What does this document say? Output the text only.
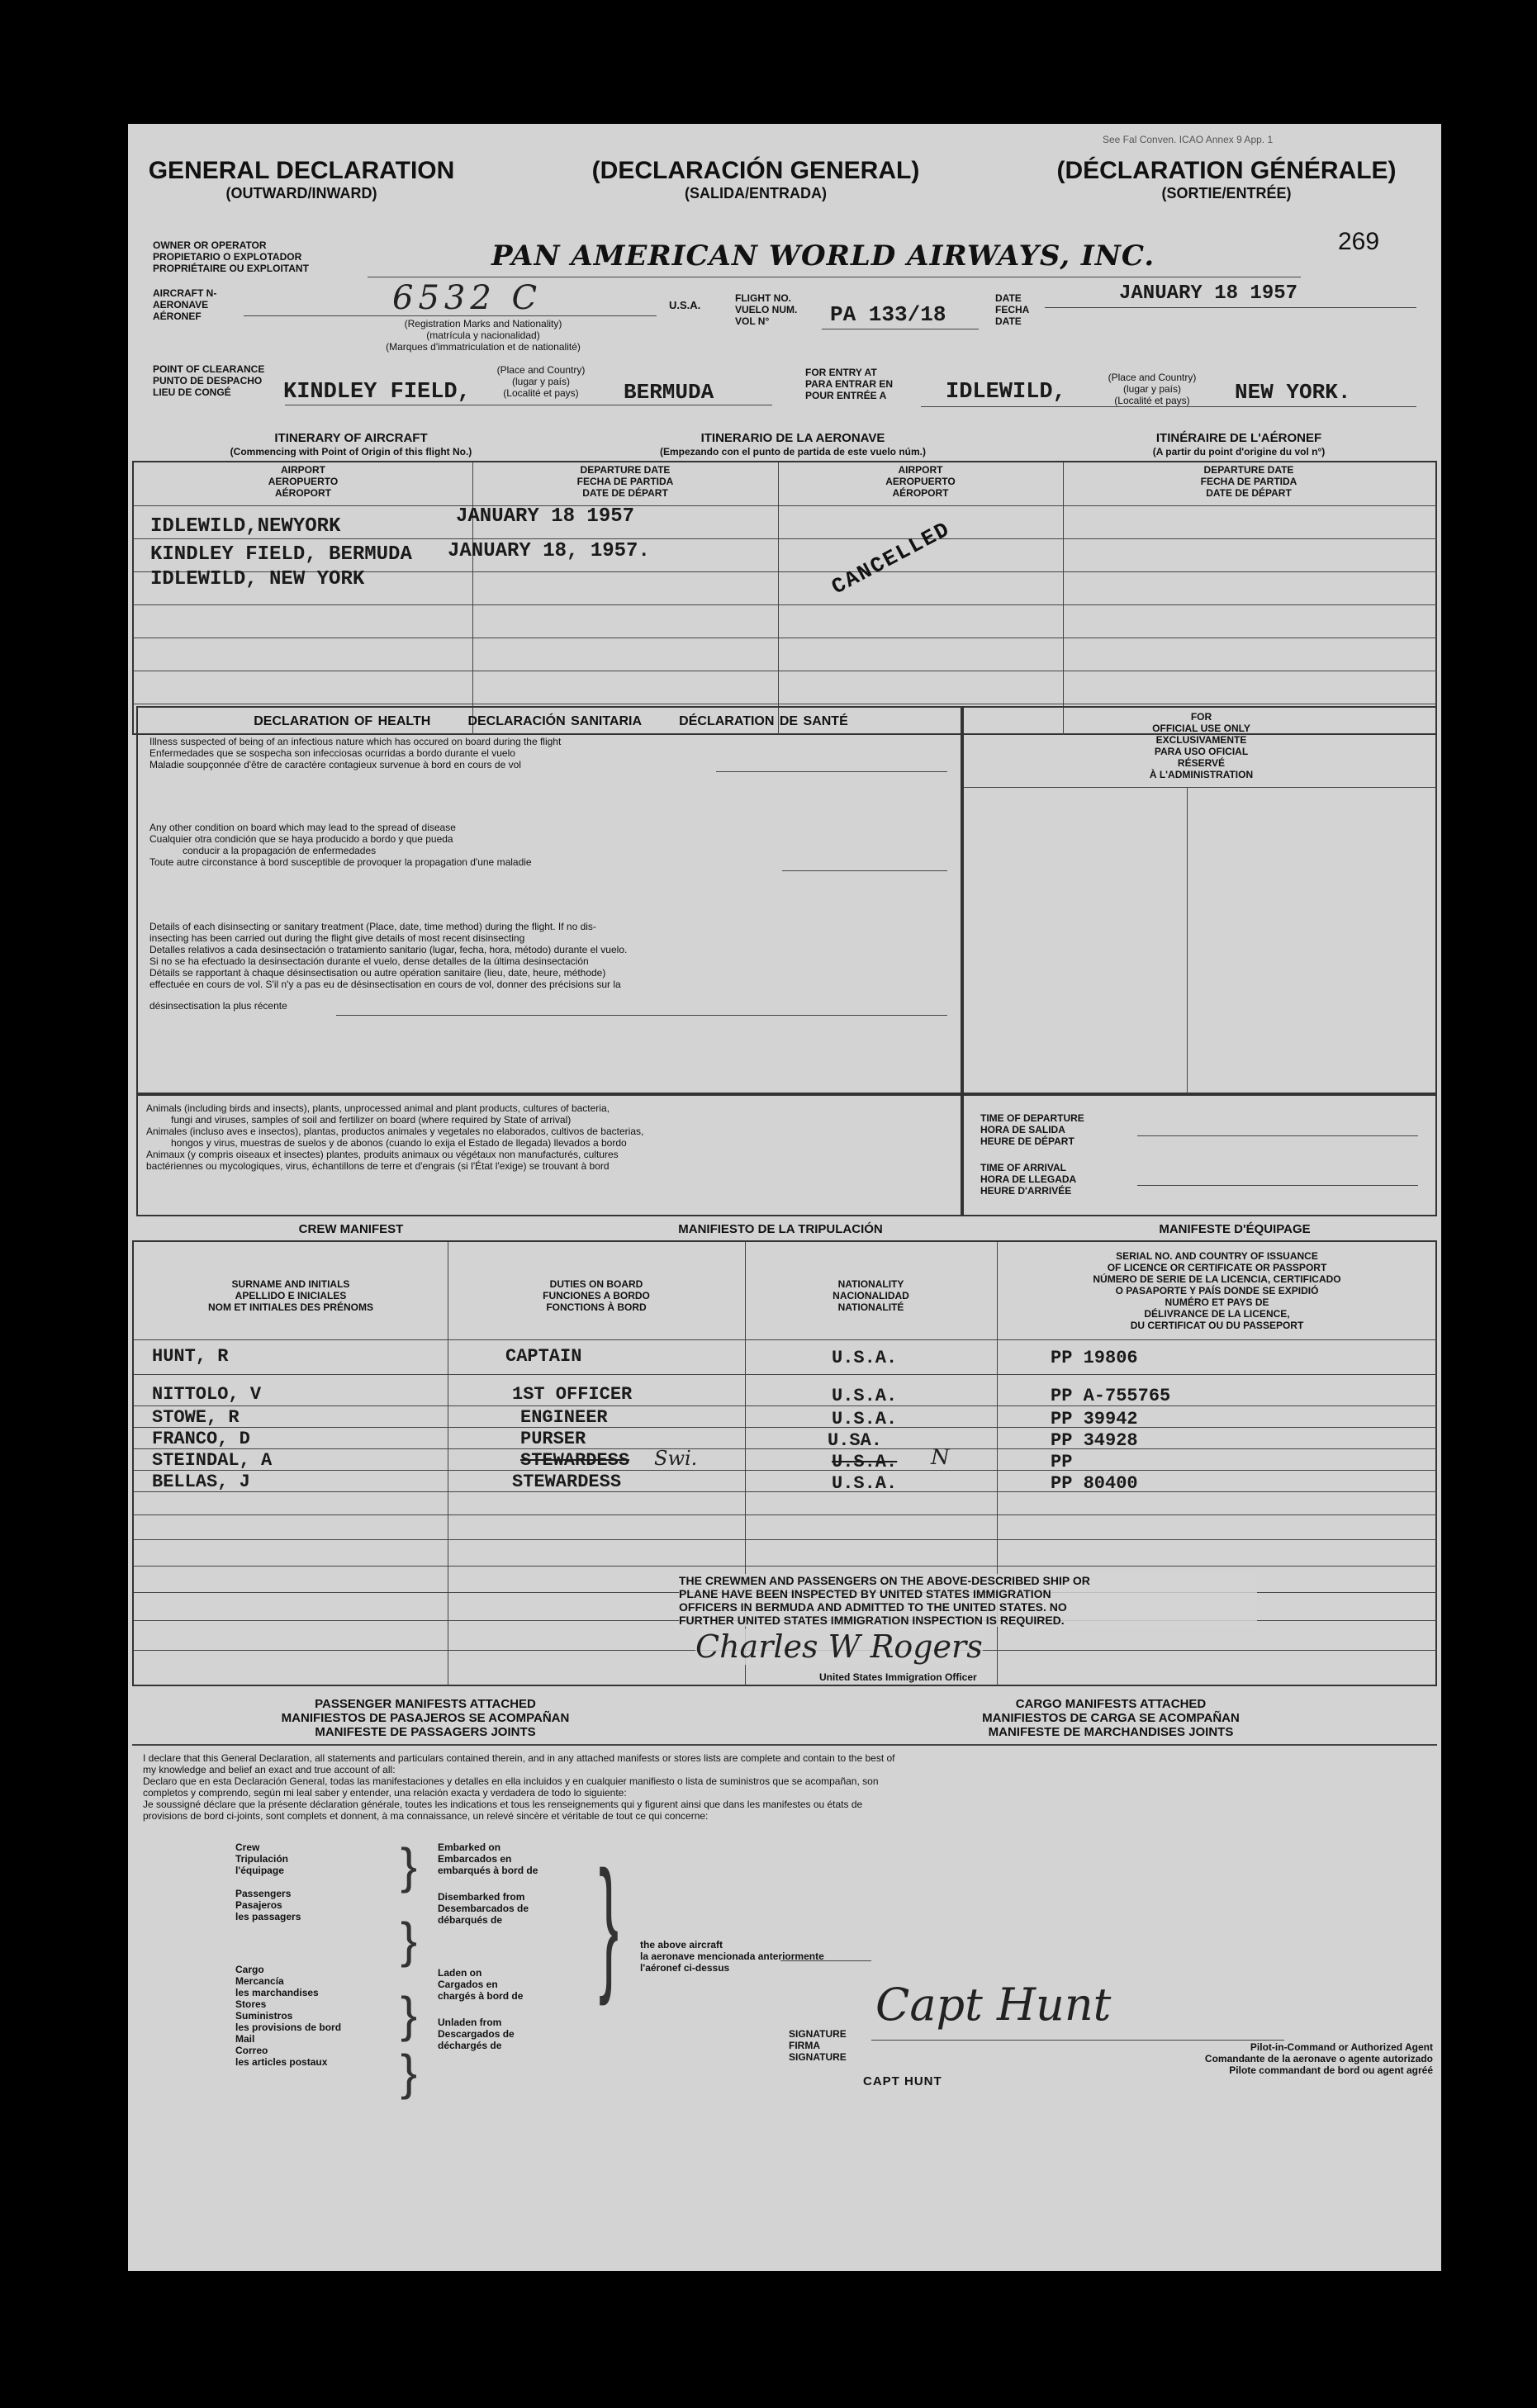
See Fal Conven. ICAO Annex 9 App. 1
GENERAL DECLARATION
(OUTWARD/INWARD)
(DECLARACIÓN GENERAL)
(SALIDA/ENTRADA)
(DÉCLARATION GÉNÉRALE)
(SORTIE/ENTRÉE)
269
OWNER OR OPERATOR
PROPIETARIO O EXPLOTADOR
PROPRIÉTAIRE OU EXPLOITANT	PAN AMERICAN WORLD AIRWAYS, INC.
AIRCRAFT N-
AERONAVE
AÉRONEF	6532 C
(Registration Marks and Nationality)
(matrícula y nacionalidad)
(Marques d'immatriculation et de nationalité)
U.S.A.
FLIGHT NO.
VUELO NUM.
VOL N°	PA 133/18
DATE
FECHA
DATE
JANUARY 18 1957
POINT OF CLEARANCE
PUNTO DE DESPACHO
LIEU DE CONGÉ	KINDLEY FIELD,
(Place and Country)
(lugar y país)
(Localité et pays)	BERMUDA
FOR ENTRY AT
PARA ENTRAR EN
POUR ENTRÉE A	IDLEWILD,
(Place and Country)
(lugar y país)
(Localité et pays)	NEW YORK.
ITINERARY OF AIRCRAFT
(Commencing with Point of Origin of this flight No.)
ITINERARIO DE LA AERONAVE
(Empezando con el punto de partida de este vuelo núm.)
ITINÉRAIRE DE L'AÉRONEF
(A partir du point d'origine du vol n°)
AIRPORT
AEROPUERTO
AÉROPORT
DEPARTURE DATE
FECHA DE PARTIDA
DATE DE DÉPART
AIRPORT
AEROPUERTO
AÉROPORT
DEPARTURE DATE
FECHA DE PARTIDA
DATE DE DÉPART
IDLEWILD,NEWYORK	JANUARY 18 1957
KINDLEY FIELD, BERMUDA JANUARY 18, 1957.
IDLEWILD, NEW YORK	CANCELLED
DECLARATION OF HEALTH	DECLARACIÓN SANITARIA	DÉCLARATION DE SANTÉ
Illness suspected of being of an infectious nature which has occured on board during the flight
Enfermedades que se sospecha son infecciosas ocurridas a bordo durante el vuelo
Maladie soupçonnée d'être de caractère contagieux survenue à bord en cours de vol
Any other condition on board which may lead to the spread of disease
Cualquier otra condición que se haya producido a bordo y que pueda
conducir a la propagación de enfermedades
Toute autre circonstance à bord susceptible de provoquer la propagation d'une maladie
Details of each disinsecting or sanitary treatment (Place, date, time method) during the flight. If no dis-
insecting has been carried out during the flight give details of most recent disinsecting
Detalles relativos a cada desinsectación o tratamiento sanitario (lugar, fecha, hora, método) durante el vuelo.
Si no se ha efectuado la desinsectación durante el vuelo, dense detalles de la última desinsectación
Détails se rapportant à chaque désinsectisation ou autre opération sanitaire (lieu, date, heure, méthode)
effectuée en cours de vol. S'il n'y a pas eu de désinsectisation en cours de vol, donner des précisions sur la
désinsectisation la plus récente
FOR
OFFICIAL USE ONLY
EXCLUSIVAMENTE
PARA USO OFICIAL
RÉSERVÉ
À L'ADMINISTRATION
Animals (including birds and insects), plants, unprocessed animal and plant products, cultures of bacteria,
fungi and viruses, samples of soil and fertilizer on board (where required by State of arrival)
Animales (incluso aves e insectos), plantas, productos animales y vegetales no elaborados, cultivos de bacterias,
hongos y virus, muestras de suelos y de abonos (cuando lo exija el Estado de llegada) llevados a bordo
Animaux (y compris oiseaux et insectes) plantes, produits animaux ou végétaux non manufacturés, cultures
bactériennes ou mycologiques, virus, échantillons de terre et d'engrais (si l'État l'exige) se trouvant à bord
TIME OF DEPARTURE
HORA DE SALIDA
HEURE DE DÉPART
TIME OF ARRIVAL
HORA DE LLEGADA
HEURE D'ARRIVÉE
CREW MANIFEST	MANIFIESTO DE LA TRIPULACIÓN	MANIFESTE D'ÉQUIPAGE
SURNAME AND INITIALS
APELLIDO E INICIALES
NOM ET INITIALES DES PRÉNOMS
DUTIES ON BOARD
FUNCIONES A BORDO
FONCTIONS À BORD
NATIONALITY
NACIONALIDAD
NATIONALITÉ
SERIAL NO. AND COUNTRY OF ISSUANCE
OF LICENCE OR CERTIFICATE OR PASSPORT
NÚMERO DE SERIE DE LA LICENCIA, CERTIFICADO
O PASAPORTE Y PAÍS DONDE SE EXPIDIÓ
NUMÉRO ET PAYS DE
DÉLIVRANCE DE LA LICENCE,
DU CERTIFICAT OU DU PASSEPORT
HUNT, R	CAPTAIN	U.S.A.	PP 19806
NITTOLO, V	1ST OFFICER	U.S.A.	PP A-755765
STOWE, R	ENGINEER	U.S.A.	PP 39942
FRANCO, D	PURSER	U.SA.	PP 34928
STEINDAL, A	STEWARDESS Swi.	U.S.A. N	PP
BELLAS, J	STEWARDESS	U.S.A.	PP 80400
THE CREWMEN AND PASSENGERS ON THE ABOVE-DESCRIBED SHIP OR
PLANE HAVE BEEN INSPECTED BY UNITED STATES IMMIGRATION
OFFICERS IN BERMUDA AND ADMITTED TO THE UNITED STATES. NO
FURTHER UNITED STATES IMMIGRATION INSPECTION IS REQUIRED.
Charles W Rogers
United States Immigration Officer
PASSENGER MANIFESTS ATTACHED
MANIFIESTOS DE PASAJEROS SE ACOMPAÑAN
MANIFESTE DE PASSAGERS JOINTS
CARGO MANIFESTS ATTACHED
MANIFIESTOS DE CARGA SE ACOMPAÑAN
MANIFESTE DE MARCHANDISES JOINTS
I declare that this General Declaration, all statements and particulars contained therein, and in any attached manifests or stores lists are complete and contain to the best of
my knowledge and belief an exact and true account of all:
Declaro que en esta Declaración General, todas las manifestaciones y detalles en ella incluidos y en cualquier manifiesto o lista de suministros que se acompañan, son
completos y comprendo, según mi leal saber y entender, una relación exacta y verdadera de todo lo siguiente:
Je soussigné déclare que la présente déclaration générale, toutes les indications et tous les renseignements qui y figurent ainsi que dans les manifestes ou états de
provisions de bord ci-joints, sont complets et donnent, à ma connaissance, un relevé sincère et véritable de tout ce qui concerne:
Crew
Tripulación
l'équipage
Passengers
Pasajeros
les passagers
Cargo
Mercancía
les marchandises
Stores
Suministros
les provisions de bord
Mail
Correo
les articles postaux
}
}
}
}
Embarked on
Embarcados en
embarqués à bord de
Disembarked from
Desembarcados de
débarqués de
Laden on
Cargados en
chargés à bord de
Unladen from
Descargados de
déchargés de
} the above aircraft
la aeronave mencionada anteriormente
l'aéronef ci-dessus
SIGNATURE
FIRMA
SIGNATURE
Capt Hunt
CAPT HUNT
Pilot-in-Command or Authorized Agent
Comandante de la aeronave o agente autorizado
Pilote commandant de bord ou agent agréé
